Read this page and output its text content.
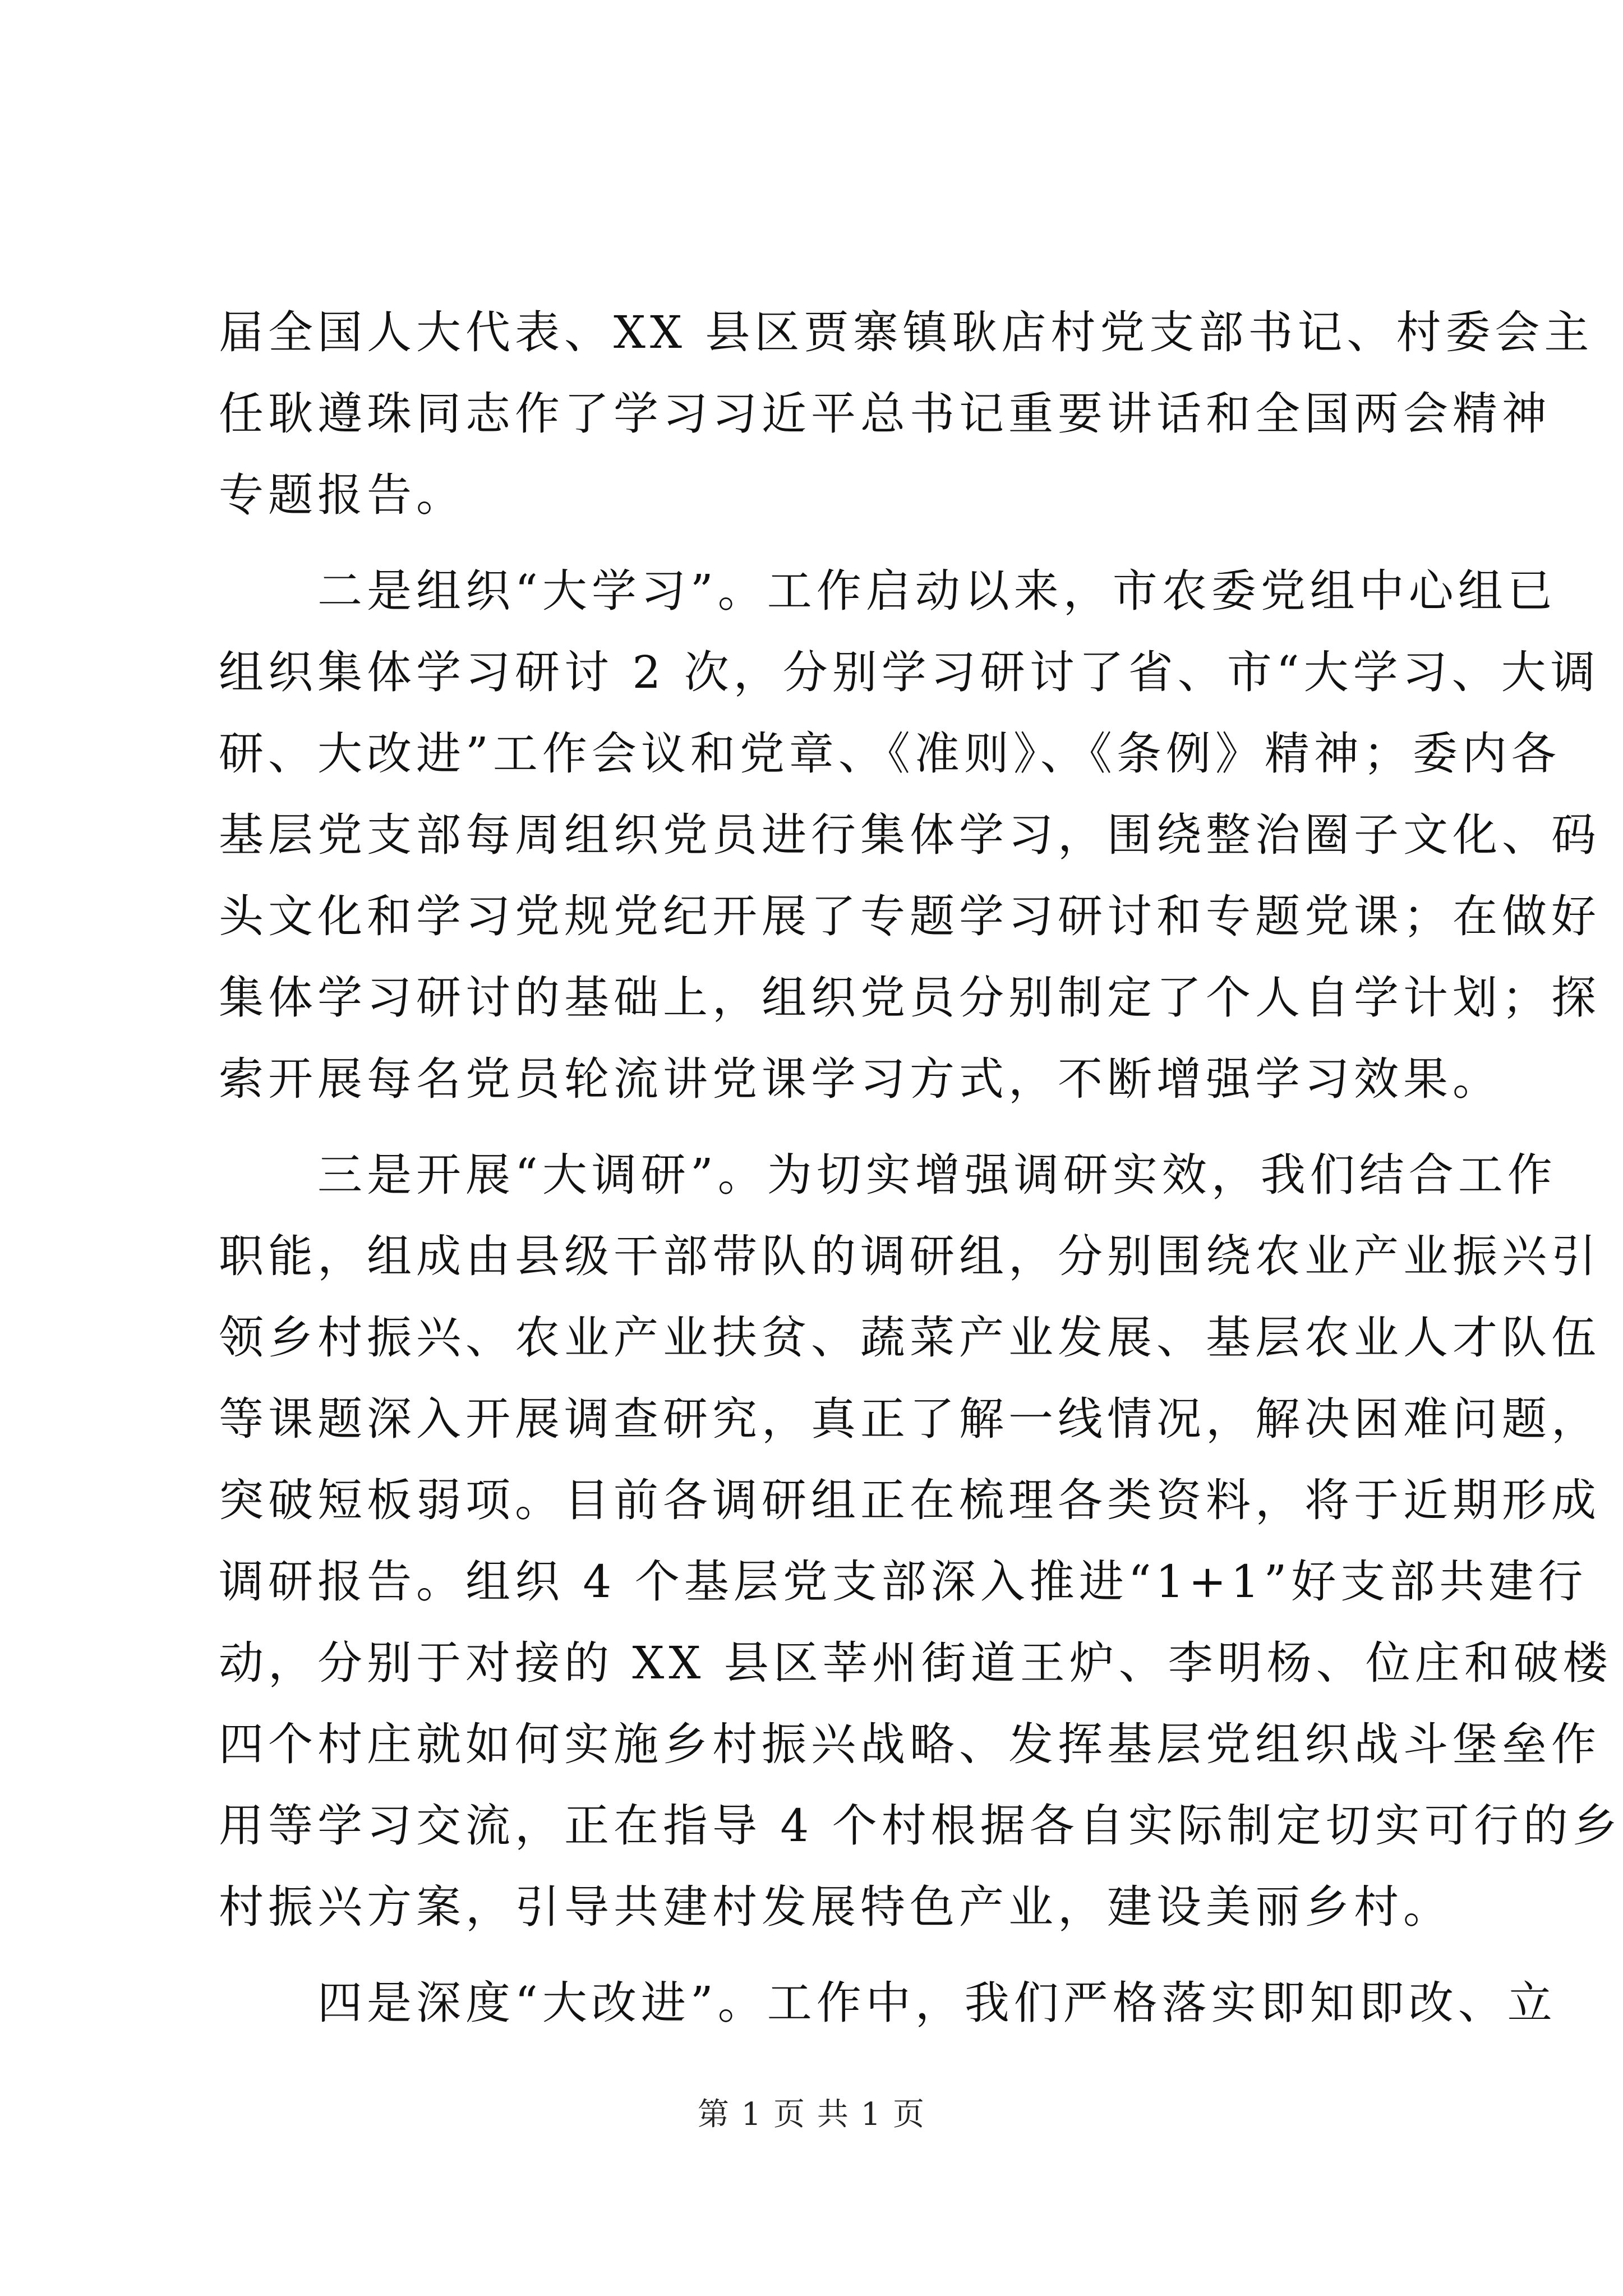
届全国人大代表、XX 县区贾寨镇耿店村党支部书记、村委会主
任耿遵珠同志作了学习习近平总书记重要讲话和全国两会精神
专题报告。
　　二是组织“大学习”。工作启动以来，市农委党组中心组已
组织集体学习研讨 2 次，分别学习研讨了省、市“大学习、大调
研、大改进”工作会议和党章、《准则》、《条例》精神；委内各
基层党支部每周组织党员进行集体学习，围绕整治圈子文化、码
头文化和学习党规党纪开展了专题学习研讨和专题党课；在做好
集体学习研讨的基础上，组织党员分别制定了个人自学计划；探
索开展每名党员轮流讲党课学习方式，不断增强学习效果。
　　三是开展“大调研”。为切实增强调研实效，我们结合工作
职能，组成由县级干部带队的调研组，分别围绕农业产业振兴引
领乡村振兴、农业产业扶贫、蔬菜产业发展、基层农业人才队伍
等课题深入开展调查研究，真正了解一线情况，解决困难问题，
突破短板弱项。目前各调研组正在梳理各类资料，将于近期形成
调研报告。组织 4 个基层党支部深入推进“1+1”好支部共建行
动，分别于对接的 XX 县区莘州街道王炉、李明杨、位庄和破楼
四个村庄就如何实施乡村振兴战略、发挥基层党组织战斗堡垒作
用等学习交流，正在指导 4 个村根据各自实际制定切实可行的乡
村振兴方案，引导共建村发展特色产业，建设美丽乡村。
　　四是深度“大改进”。工作中，我们严格落实即知即改、立
第 1 页 共 1 页
